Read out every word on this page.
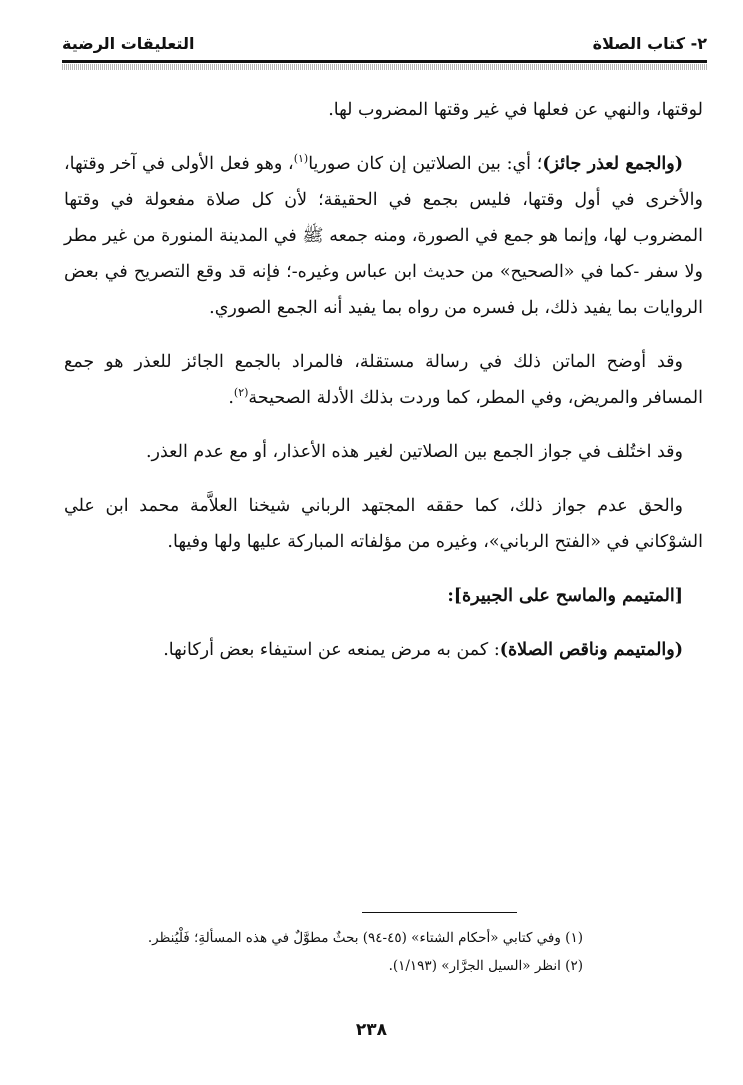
٢- كتاب الصلاة
التعليقات الرضية

لوقتها، والنهي عن فعلها في غير وقتها المضروب لها.

(والجمع لعذر جائز)؛ أي: بين الصلاتين إن كان صوريا$^{(١)}$، وهو فعل الأولى في آخر وقتها، والأخرى في أول وقتها، فليس بجمع في الحقيقة؛ لأن كل صلاة مفعولة في وقتها المضروب لها، وإنما هو جمع في الصورة، ومنه جمعه ﷺ في المدينة المنورة من غير مطر ولا سفر -كما في «الصحيح» من حديث ابن عباس وغيره-؛ فإنه قد وقع التصريح في بعض الروايات بما يفيد ذلك، بل فسره من رواه بما يفيد أنه الجمع الصوري.

وقد أوضح الماتن ذلك في رسالة مستقلة، فالمراد بالجمع الجائز للعذر هو جمع المسافر والمريض، وفي المطر، كما وردت بذلك الأدلة الصحيحة$^{(٢)}$.

وقد اختُلف في جواز الجمع بين الصلاتين لغير هذه الأعذار، أو مع عدم العذر.

والحق عدم جواز ذلك، كما حققه المجتهد الرباني شيخنا العلاَّمة محمد ابن علي الشوْكاني في «الفتح الرباني»، وغيره من مؤلفاته المباركة عليها ولها وفيها.

[المتيمم والماسح على الجبيرة]:

(والمتيمم وناقص الصلاة): كمن به مرض يمنعه عن استيفاء بعض أركانها.

(١) وفي كتابي «أحكام الشتاء» (٤٥-٩٤) بحثٌ مطوَّلٌ في هذه المسألةِ؛ فَلْيُنظر.
(٢) انظر «السيل الجرَّار» (١/١٩٣).
٢٣٨
